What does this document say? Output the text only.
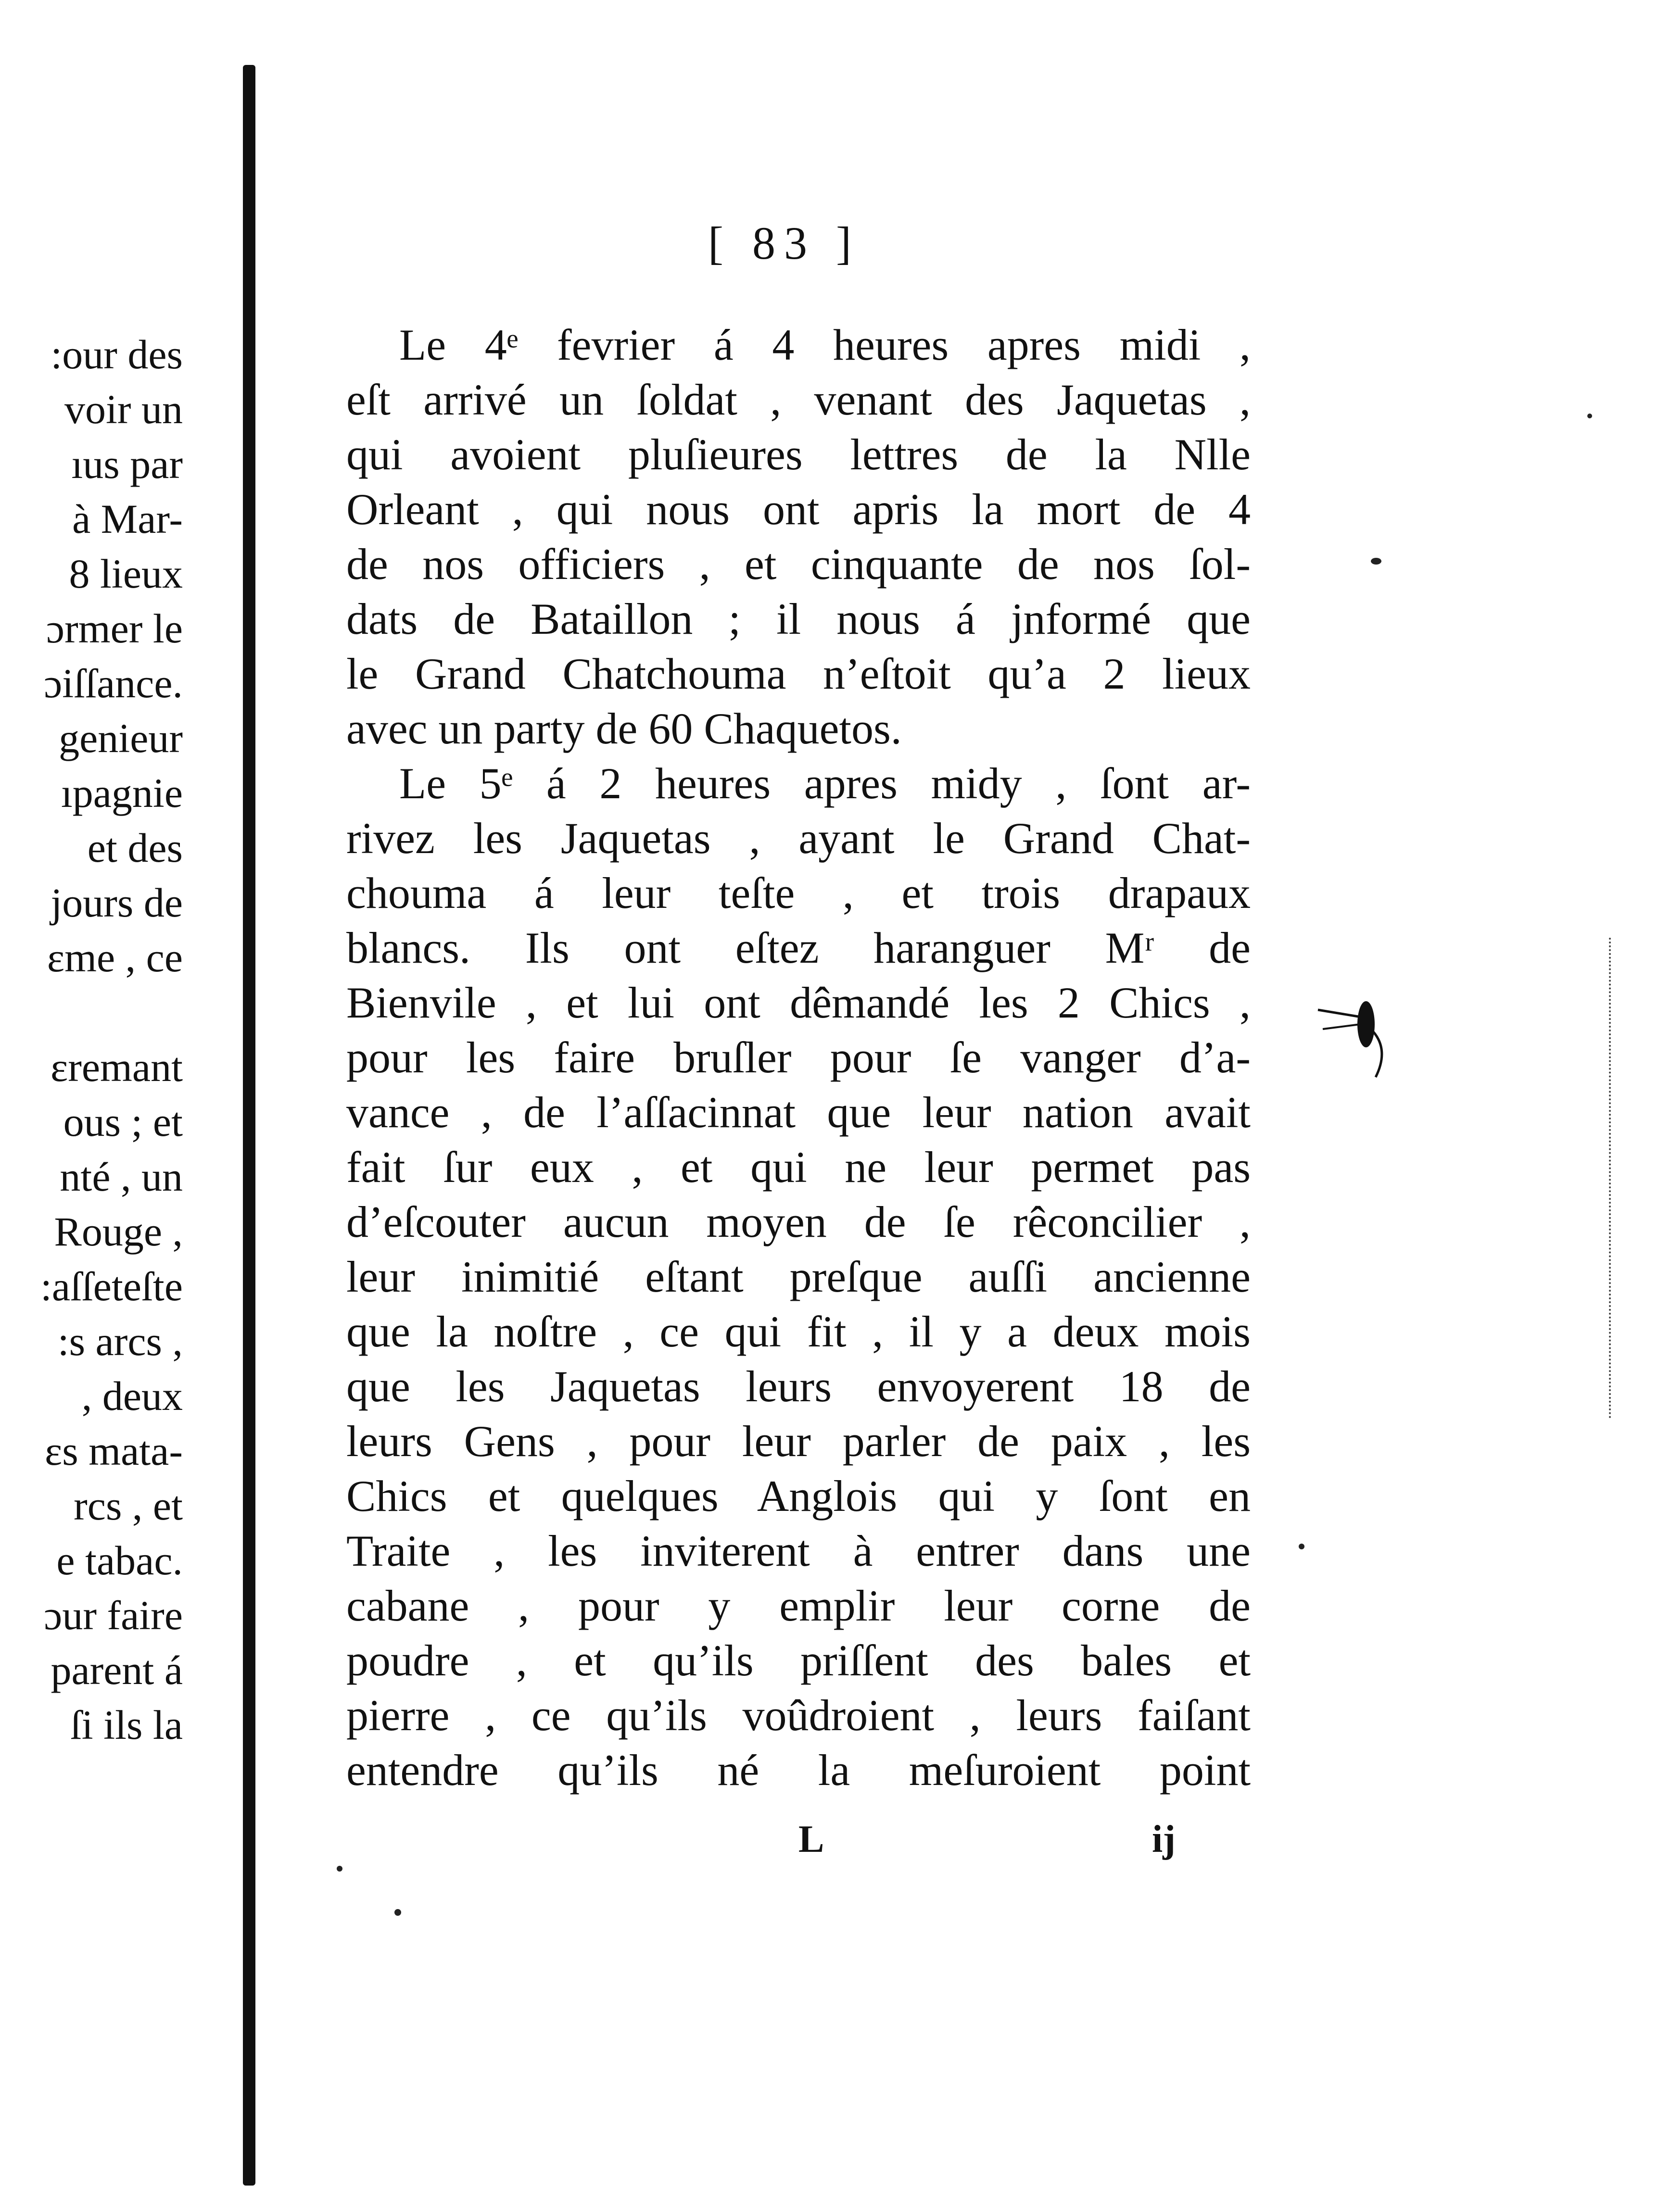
:our des
voir un
ıus par
à Mar-
8 lieux
ɔrmer le
ɔiſſance.
genieur
ıpagnie
et des
jours de
ɛme , ce
ɛremant
ous ; et
nté , un
Rouge ,
:aſſeteſte
:s arcs ,
, deux
ɛs mata-
rcs , et
e tabac.
ɔur faire
parent á
ſi ils la
[ 83 ]
Le 4ᵉ fevrier á 4 heures apres midi ,
eſt arrivé un ſoldat , venant des Jaquetas ,
qui avoient pluſieures lettres de la Nlle
Orleant , qui nous ont apris la mort de 4
de nos officiers , et cinquante de nos ſol-
dats de Bataillon ; il nous á jnformé que
le Grand Chatchouma n’eſtoit qu’a 2 lieux
avec un party de 60 Chaquetos.
Le 5ᵉ á 2 heures apres midy , ſont ar-
rivez les Jaquetas , ayant le Grand Chat-
chouma á leur teſte , et trois drapaux
blancs. Ils ont eſtez haranguer Mʳ de
Bienvile , et lui ont dêmandé les 2 Chics ,
pour les faire bruſler pour ſe vanger d’a-
vance , de l’aſſacinnat que leur nation avait
fait ſur eux , et qui ne leur permet pas
d’eſcouter aucun moyen de ſe rêconcilier ,
leur inimitié eſtant preſque auſſi ancienne
que la noſtre , ce qui fit , il y a deux mois
que les Jaquetas leurs envoyerent 18 de
leurs Gens , pour leur parler de paix , les
Chics et quelques Anglois qui y ſont en
Traite , les inviterent à entrer dans une
cabane , pour y emplir leur corne de
poudre , et qu’ils priſſent des bales et
pierre , ce qu’ils voûdroient , leurs faiſant
entendre qu’ils né la meſuroient point
L	ij
